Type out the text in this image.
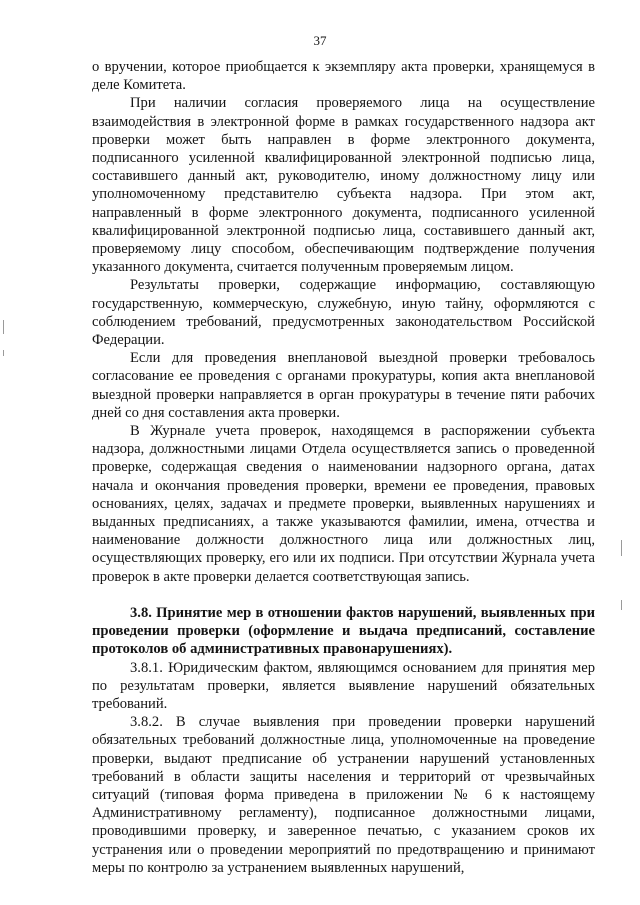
37

о вручении, которое приобщается к экземпляру акта проверки, хранящемуся в деле Комитета.

При наличии согласия проверяемого лица на осуществление взаимодействия в электронной форме в рамках государственного надзора акт проверки может быть направлен в форме электронного документа, подписанного усиленной квалифицированной электронной подписью лица, составившего данный акт, руководителю, иному должностному лицу или уполномоченному представителю субъекта надзора. При этом акт, направленный в форме электронного документа, подписанного усиленной квалифицированной электронной подписью лица, составившего данный акт, проверяемому лицу способом, обеспечивающим подтверждение получения указанного документа, считается полученным проверяемым лицом.

Результаты проверки, содержащие информацию, составляющую государственную, коммерческую, служебную, иную тайну, оформляются с соблюдением требований, предусмотренных законодательством Российской Федерации.

Если для проведения внеплановой выездной проверки требовалось согласование ее проведения с органами прокуратуры, копия акта внеплановой выездной проверки направляется в орган прокуратуры в течение пяти рабочих дней со дня составления акта проверки.

В Журнале учета проверок, находящемся в распоряжении субъекта надзора, должностными лицами Отдела осуществляется запись о проведенной проверке, содержащая сведения о наименовании надзорного органа, датах начала и окончания проведения проверки, времени ее проведения, правовых основаниях, целях, задачах и предмете проверки, выявленных нарушениях и выданных предписаниях, а также указываются фамилии, имена, отчества и наименование должности должностного лица или должностных лиц, осуществляющих проверку, его или их подписи. При отсутствии Журнала учета проверок в акте проверки делается соответствующая запись.

3.8. Принятие мер в отношении фактов нарушений, выявленных при проведении проверки (оформление и выдача предписаний, составление протоколов об административных правонарушениях).

3.8.1. Юридическим фактом, являющимся основанием для принятия мер по результатам проверки, является выявление нарушений обязательных требований.

3.8.2. В случае выявления при проведении проверки нарушений обязательных требований должностные лица, уполномоченные на проведение проверки, выдают предписание об устранении нарушений установленных требований в области защиты населения и территорий от чрезвычайных ситуаций (типовая форма приведена в приложении № 6 к настоящему Административному регламенту), подписанное должностными лицами, проводившими проверку, и заверенное печатью, с указанием сроков их устранения или о проведении мероприятий по предотвращению и принимают меры по контролю за устранением выявленных нарушений,
